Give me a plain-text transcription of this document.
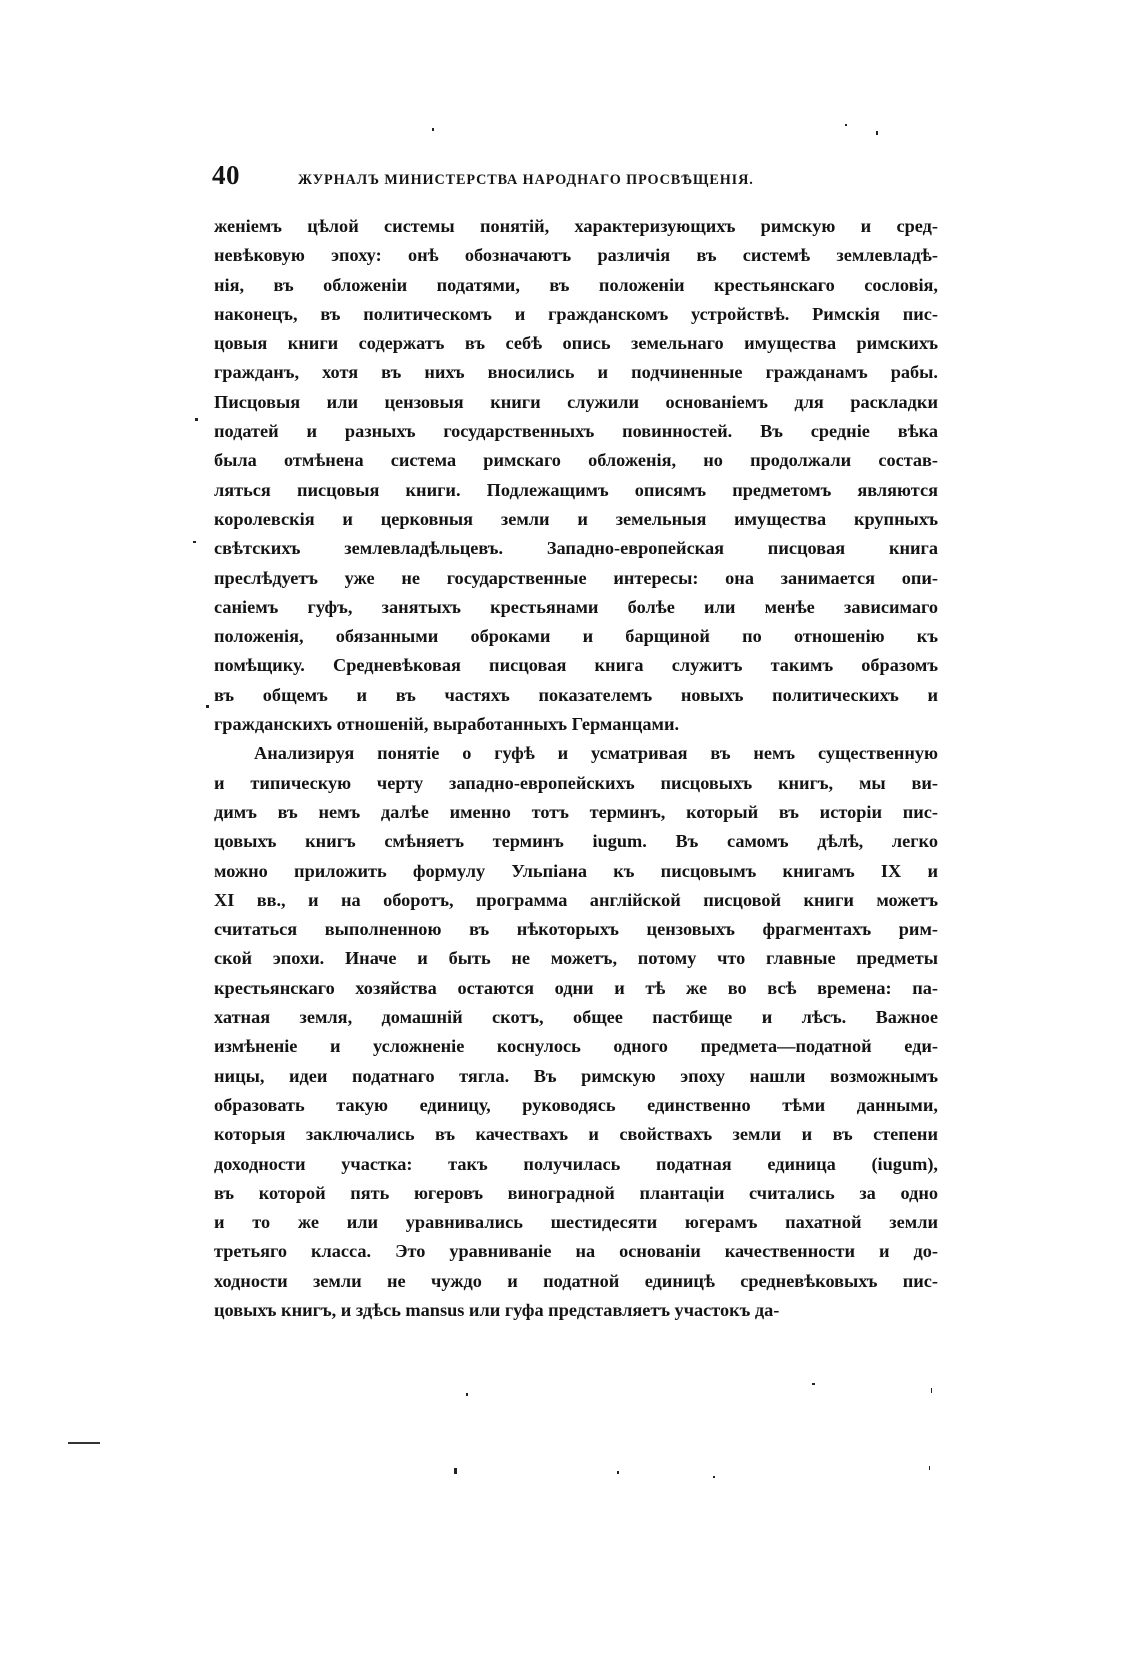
40	ЖУРНАЛЪ МИНИСТЕРСТВА НАРОДНАГО ПРОСВѢЩЕНІЯ.
женіемъ цѣлой системы понятій, характеризующихъ римскую и сред-
невѣковую эпоху: онѣ обозначаютъ различія въ системѣ землевладѣ-
нія, въ обложеніи податями, въ положеніи крестьянскаго сословія,
наконецъ, въ политическомъ и гражданскомъ устройствѣ. Римскія пис-
цовыя книги содержатъ въ себѣ опись земельнаго имущества римскихъ
гражданъ, хотя въ нихъ вносились и подчиненные гражданамъ рабы.
Писцовыя или цензовыя книги служили основаніемъ для раскладки
податей и разныхъ государственныхъ повинностей. Въ средніе вѣка
была отмѣнена система римскаго обложенія, но продолжали состав-
ляться писцовыя книги. Подлежащимъ описямъ предметомъ являются
королевскія и церковныя земли и земельныя имущества крупныхъ
свѣтскихъ землевладѣльцевъ. Западно-европейская писцовая книга
преслѣдуетъ уже не государственные интересы: она занимается опи-
саніемъ гуфъ, занятыхъ крестьянами болѣе или менѣе зависимаго
положенія, обязанными оброками и барщиной по отношенію къ
помѣщику. Средневѣковая писцовая книга служитъ такимъ образомъ
въ общемъ и въ частяхъ показателемъ новыхъ политическихъ и
гражданскихъ отношеній, выработанныхъ Германцами.
Анализируя понятіе о гуфѣ и усматривая въ немъ существенную
и типическую черту западно-европейскихъ писцовыхъ книгъ, мы ви-
димъ въ немъ далѣе именно тотъ терминъ, который въ исторіи пис-
цовыхъ книгъ смѣняетъ терминъ iugum. Въ самомъ дѣлѣ, легко
можно приложить формулу Ульпіана къ писцовымъ книгамъ IX и
XI вв., и на оборотъ, программа англійской писцовой книги можетъ
считаться выполненною въ нѣкоторыхъ цензовыхъ фрагментахъ рим-
ской эпохи. Иначе и быть не можетъ, потому что главные предметы
крестьянскаго хозяйства остаются одни и тѣ же во всѣ времена: па-
хатная земля, домашній скотъ, общее пастбище и лѣсъ. Важное
измѣненіе и усложненіе коснулось одного предмета—податной еди-
ницы, идеи податнаго тягла. Въ римскую эпоху нашли возможнымъ
образовать такую единицу, руководясь единственно тѣми данными,
которыя заключались въ качествахъ и свойствахъ земли и въ степени
доходности участка: такъ получилась податная единица (iugum),
въ которой пять югеровъ виноградной плантаціи считались за одно
и то же или уравнивались шестидесяти югерамъ пахатной земли
третьяго класса. Это уравниваніе на основаніи качественности и до-
ходности земли не чуждо и податной единицѣ средневѣковыхъ пис-
цовыхъ книгъ, и здѣсь mansus или гуфа представляетъ участокъ да-
